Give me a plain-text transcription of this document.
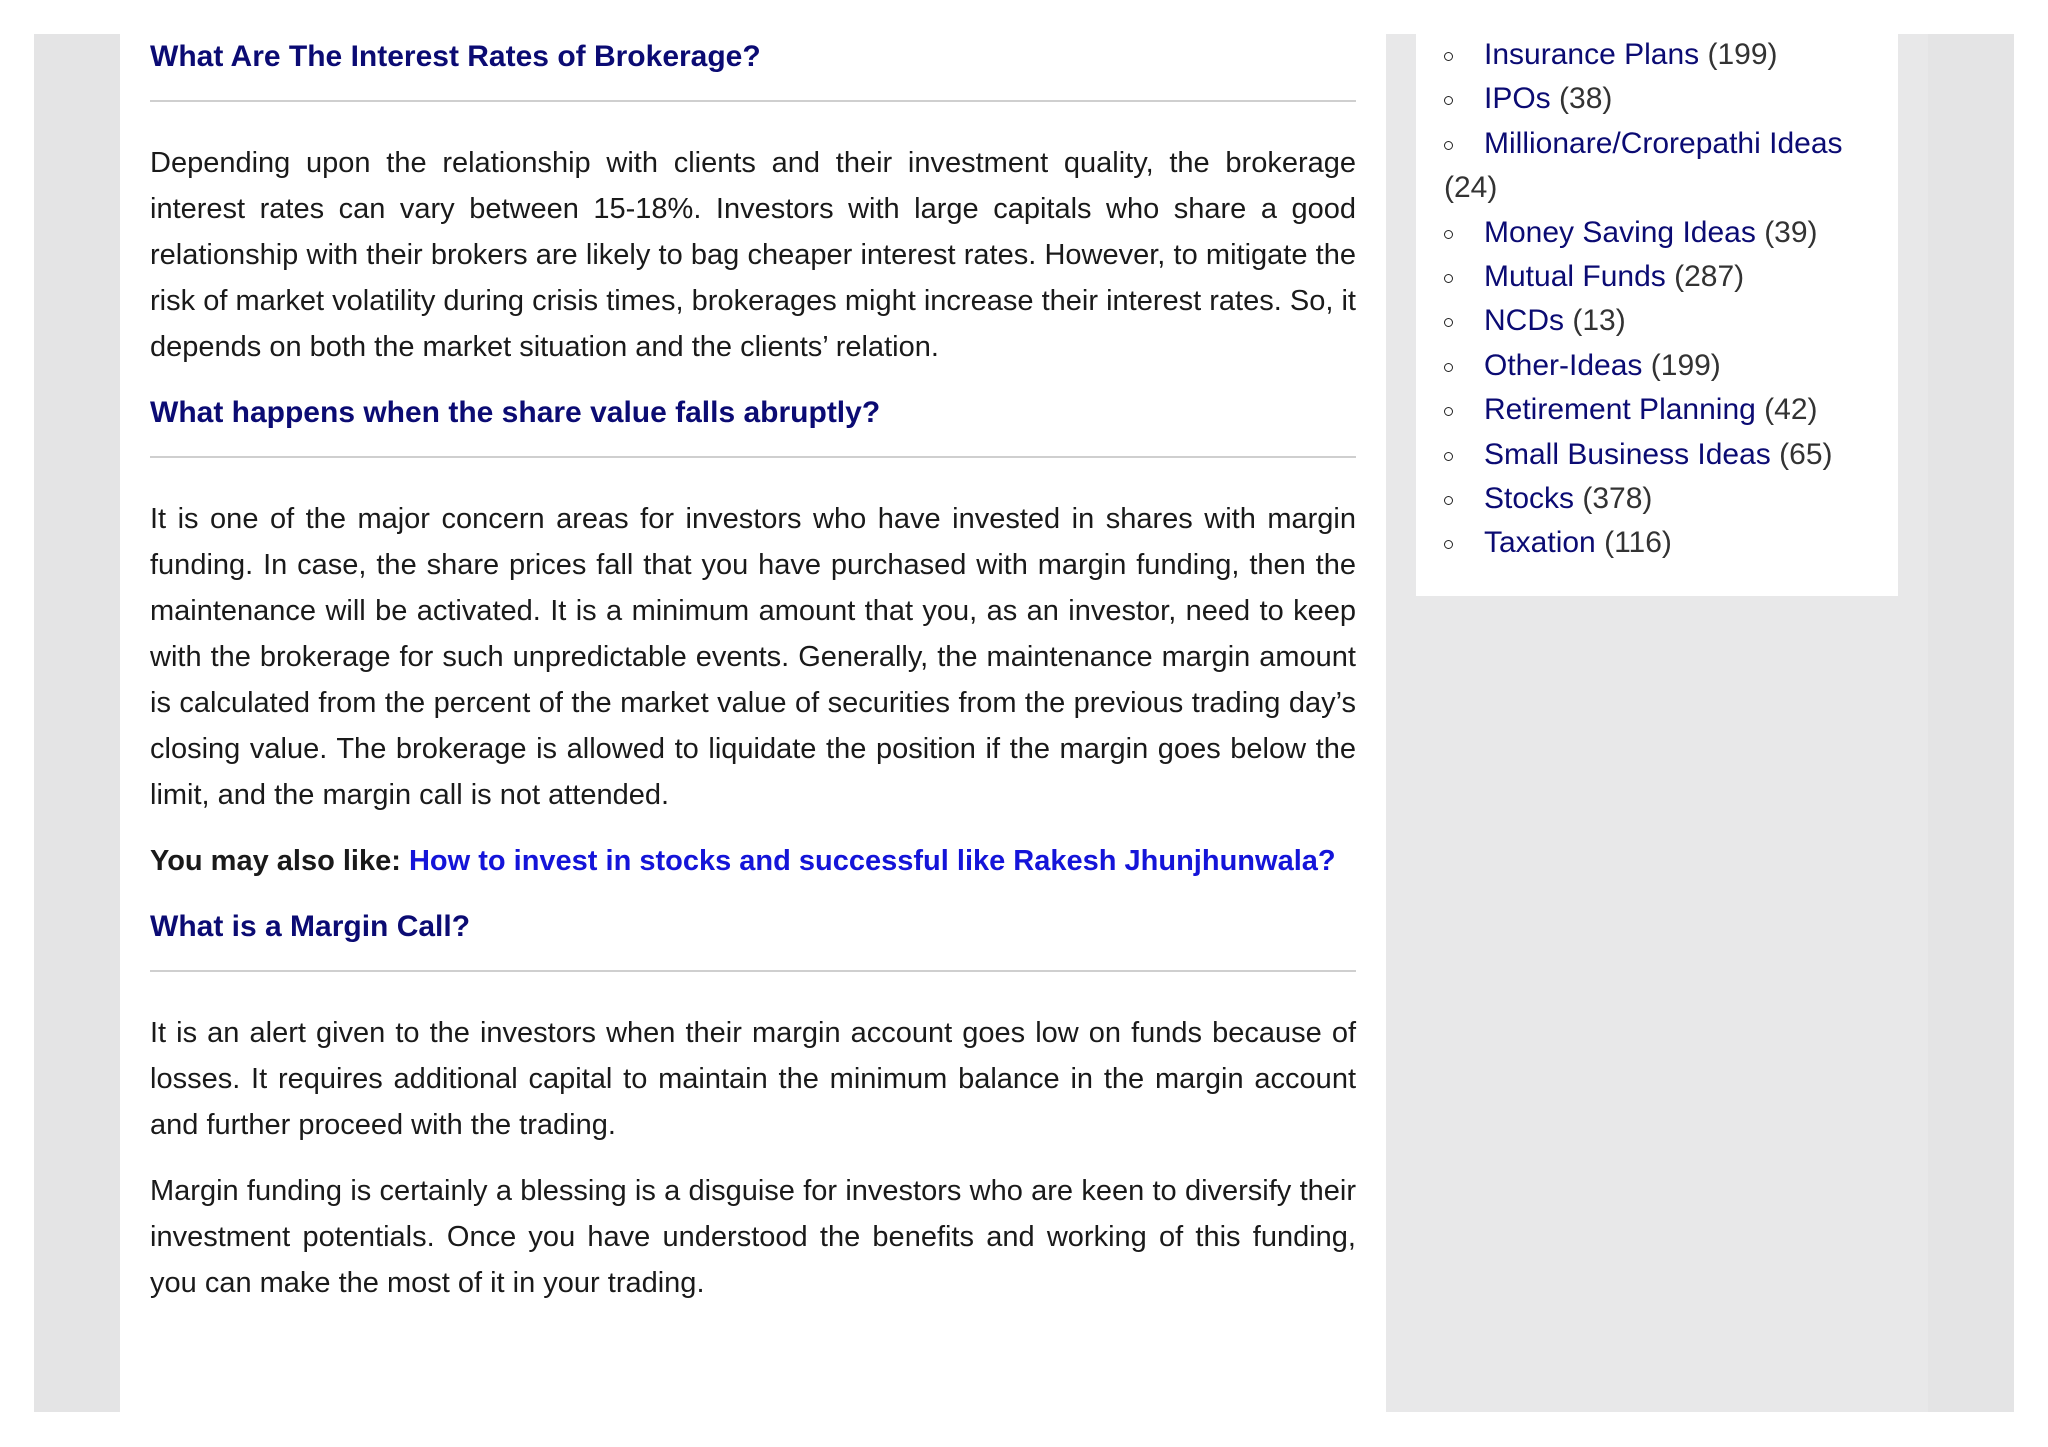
What Are The Interest Rates of Brokerage?

Depending upon the relationship with clients and their investment quality, the brokerage interest rates can vary between 15-18%. Investors with large capitals who share a good relationship with their brokers are likely to bag cheaper interest rates. However, to mitigate the risk of market volatility during crisis times, brokerages might increase their interest rates. So, it depends on both the market situation and the clients’ relation.

What happens when the share value falls abruptly?

It is one of the major concern areas for investors who have invested in shares with margin funding. In case, the share prices fall that you have purchased with margin funding, then the maintenance will be activated. It is a minimum amount that you, as an investor, need to keep with the brokerage for such unpredictable events. Generally, the maintenance margin amount is calculated from the percent of the market value of securities from the previous trading day’s closing value. The brokerage is allowed to liquidate the position if the margin goes below the limit, and the margin call is not attended.

You may also like: How to invest in stocks and successful like Rakesh Jhunjhunwala?

What is a Margin Call?

It is an alert given to the investors when their margin account goes low on funds because of losses. It requires additional capital to maintain the minimum balance in the margin account and further proceed with the trading.

Margin funding is certainly a blessing is a disguise for investors who are keen to diversify their investment potentials. Once you have understood the benefits and working of this funding, you can make the most of it in your trading.

Insurance Plans (199)
IPOs (38)
Millionare/Crorepathi Ideas (24)
Money Saving Ideas (39)
Mutual Funds (287)
NCDs (13)
Other-Ideas (199)
Retirement Planning (42)
Small Business Ideas (65)
Stocks (378)
Taxation (116)
